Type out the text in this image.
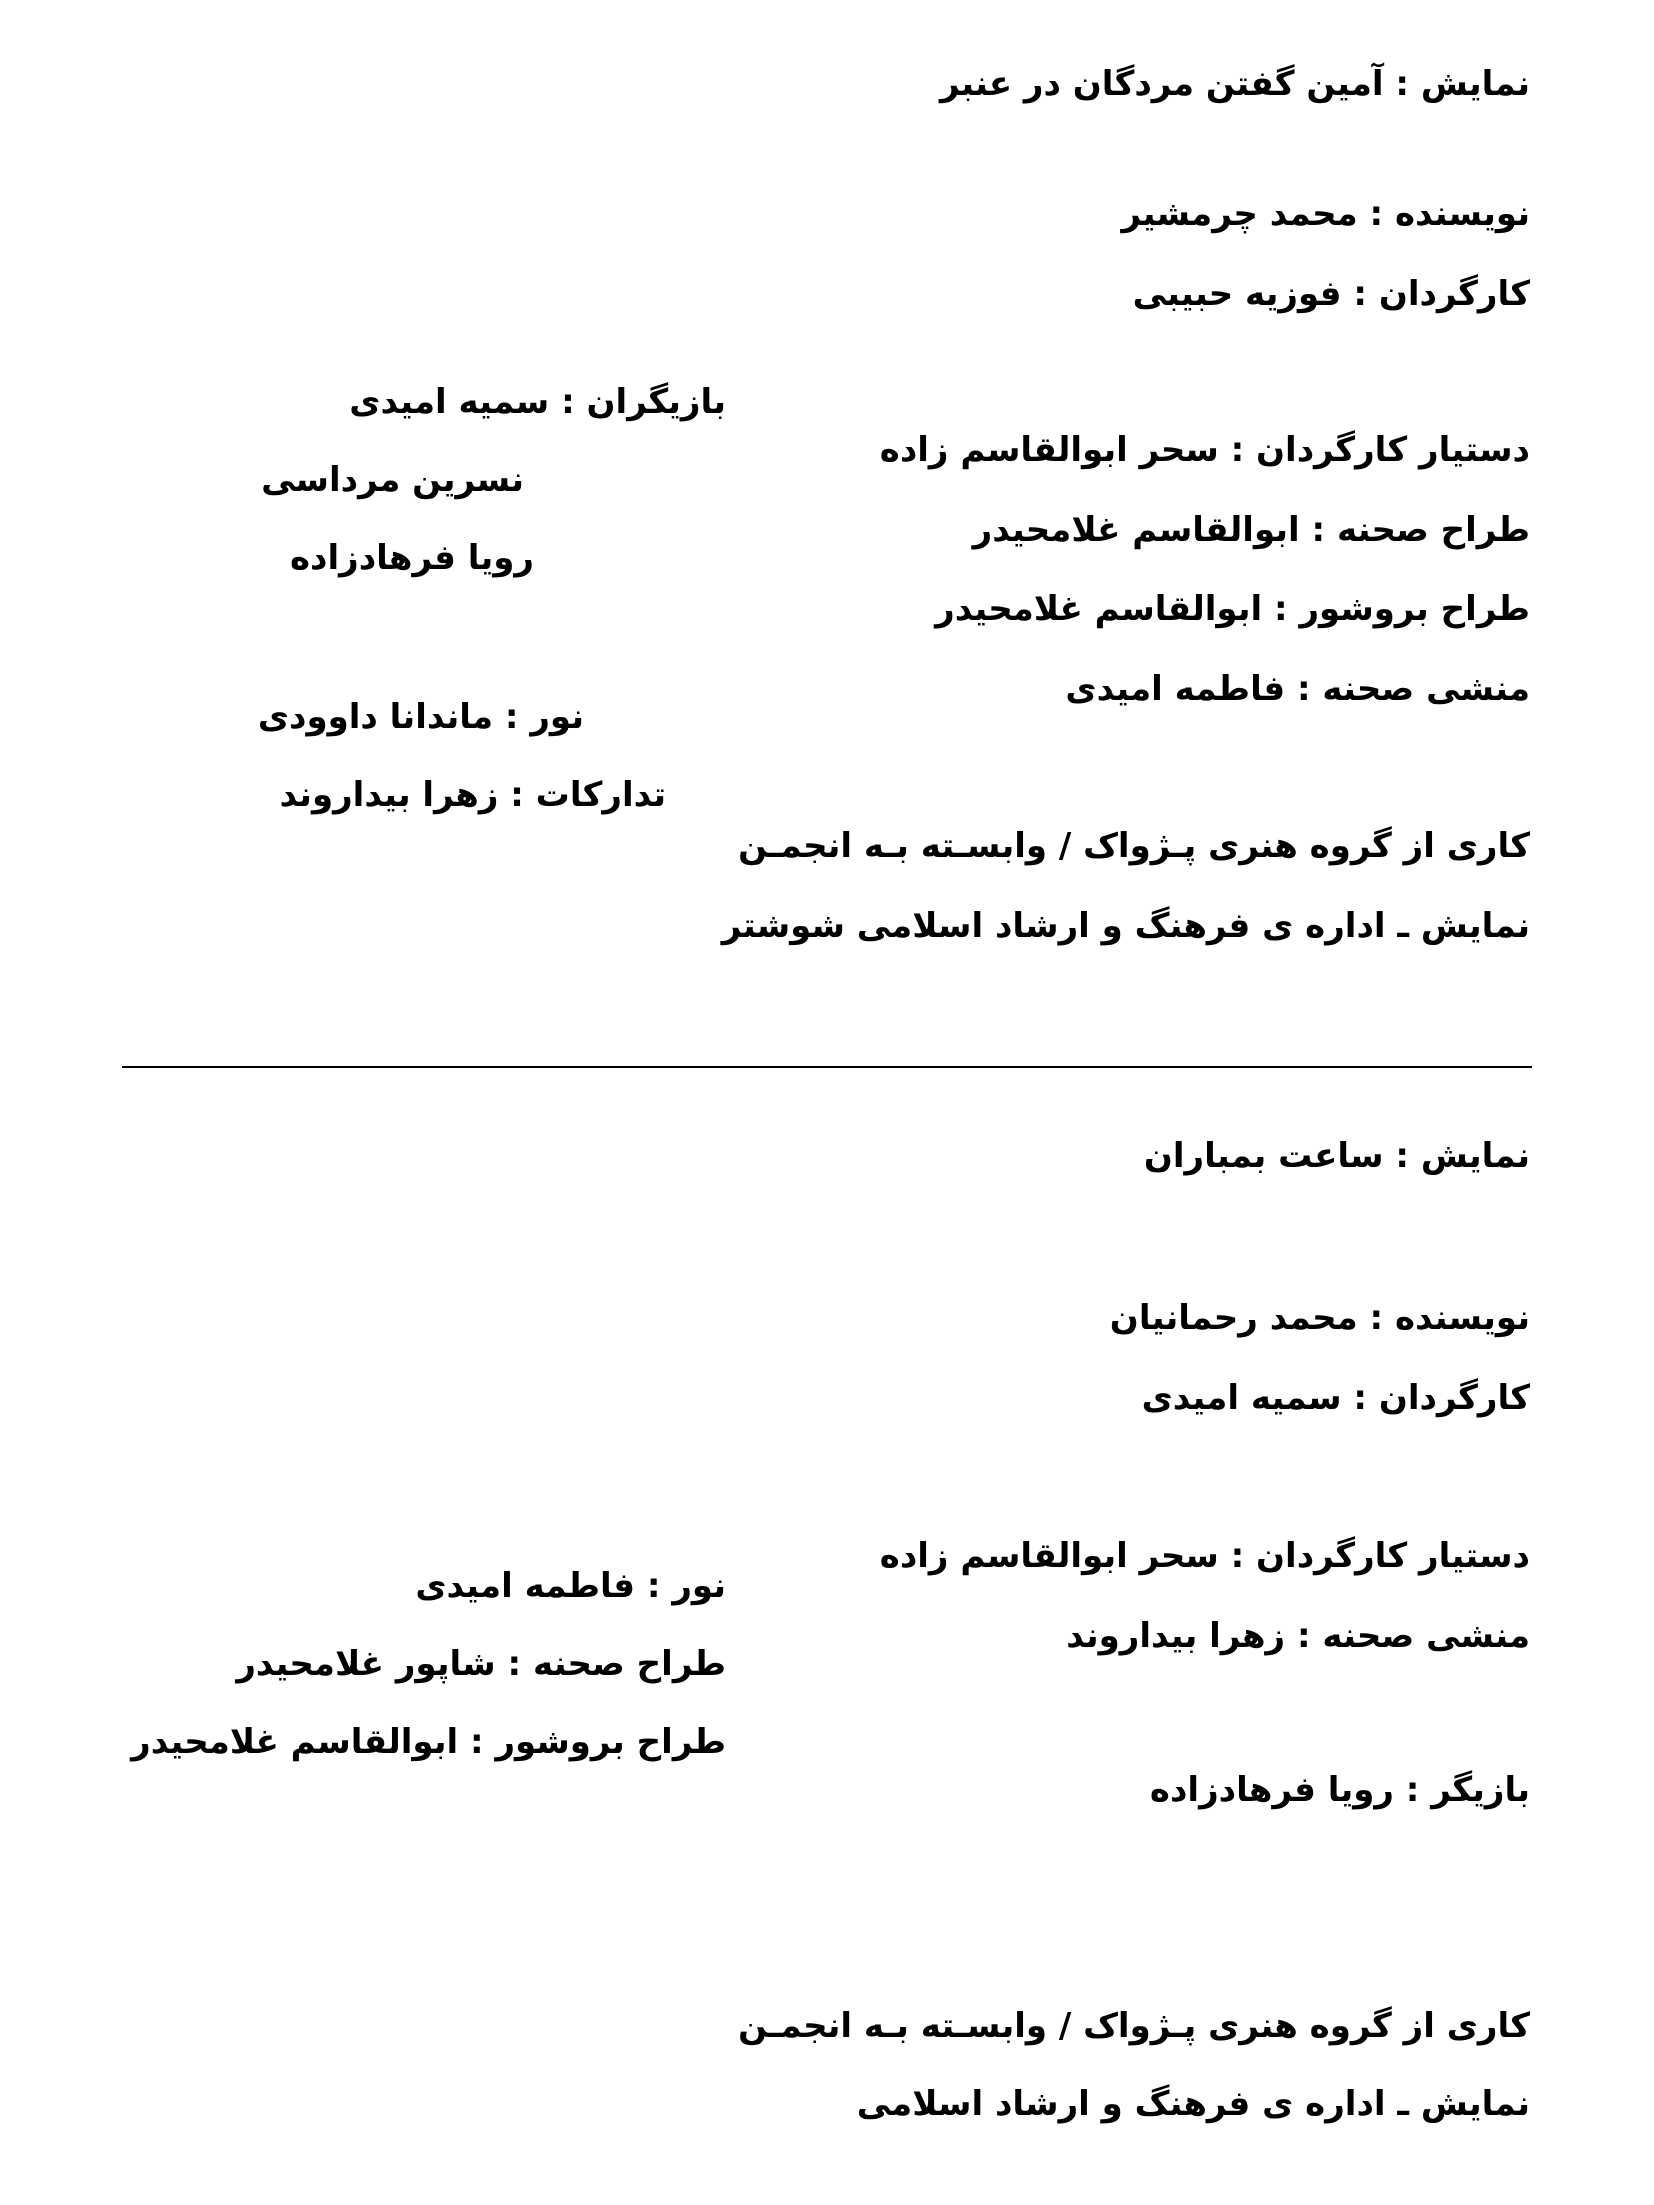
نمایش : آمین گفتن مردگان در عنبر
نویسنده : محمد چرمشیر
کارگردان : فوزیه حبیبی
دستیار کارگردان : سحر ابوالقاسم زاده
طراح صحنه : ابوالقاسم غلامحیدر
طراح بروشور : ابوالقاسم غلامحیدر
منشی صحنه : فاطمه امیدی
بازیگران : سمیه امیدی
نسرین مرداسی
رویا فرهادزاده
نور : ماندانا داوودی
تدارکات : زهرا بیداروند
کاری از گروه هنری پـژواک / وابسـته بـه انجمـن
نمایش ـ اداره ی فرهنگ و ارشاد اسلامی شوشتر
نمایش : ساعت بمباران
نویسنده : محمد رحمانیان
کارگردان : سمیه امیدی
دستیار کارگردان : سحر ابوالقاسم زاده
منشی صحنه : زهرا بیداروند
بازیگر : رویا فرهادزاده
نور : فاطمه امیدی
طراح صحنه : شاپور غلامحیدر
طراح بروشور : ابوالقاسم غلامحیدر
کاری از گروه هنری پـژواک / وابسـته بـه انجمـن
نمایش ـ اداره ی فرهنگ و ارشاد اسلامی
